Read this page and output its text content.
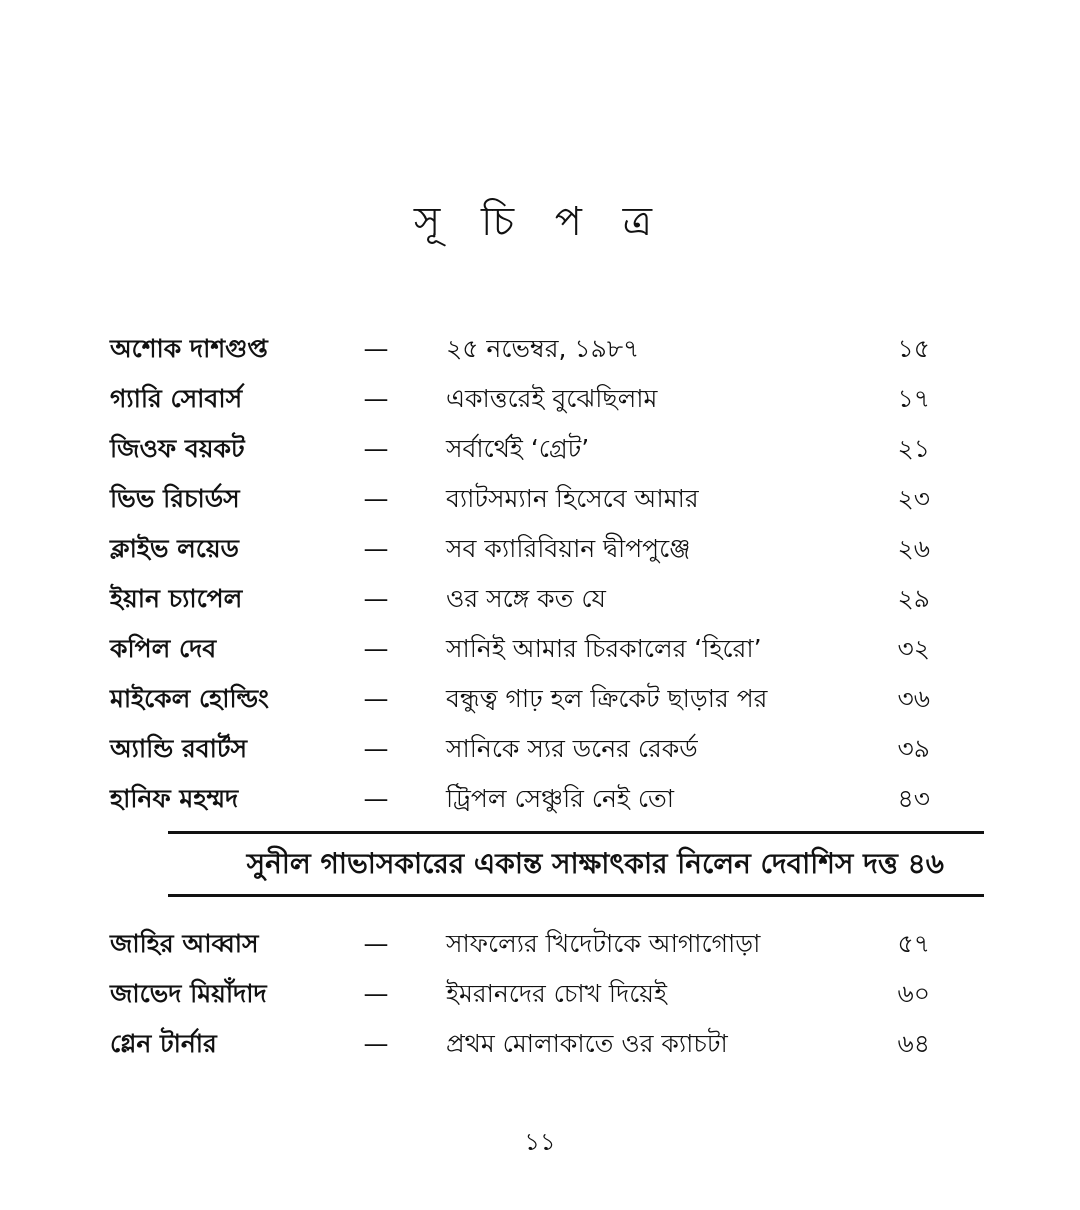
সূ চি প ত্র
অশোক দাশগুপ্ত	— ২৫ নভেম্বর, ১৯৮৭	১৫
গ্যারি সোবার্স	— একাত্তরেই বুঝেছিলাম	১৭
জিওফ বয়কট	— সর্বার্থেই ‘গ্রেট’	২১
ভিভ রিচার্ডস	— ব্যাটসম্যান হিসেবে আমার	২৩
ক্লাইভ লয়েড	— সব ক্যারিবিয়ান দ্বীপপুঞ্জে	২৬
ইয়ান চ্যাপেল	— ওর সঙ্গে কত যে	২৯
কপিল দেব	— সানিই আমার চিরকালের ‘হিরো’	৩২
মাইকেল হোল্ডিং	— বন্ধুত্ব গাঢ় হল ক্রিকেট ছাড়ার পর	৩৬
অ্যান্ডি রবার্টস	— সানিকে স্যর ডনের রেকর্ড	৩৯
হানিফ মহম্মদ	— ট্রিপল সেঞ্চুরি নেই তো	৪৩
সুনীল গাভাসকারের একান্ত সাক্ষাৎকার নিলেন দেবাশিস দত্ত ৪৬
জাহির আব্বাস	— সাফল্যের খিদেটাকে আগাগোড়া	৫৭
জাভেদ মিয়াঁদাদ	— ইমরানদের চোখ দিয়েই	৬০
গ্লেন টার্নার	— প্রথম মোলাকাতে ওর ক্যাচটা	৬৪
১১
